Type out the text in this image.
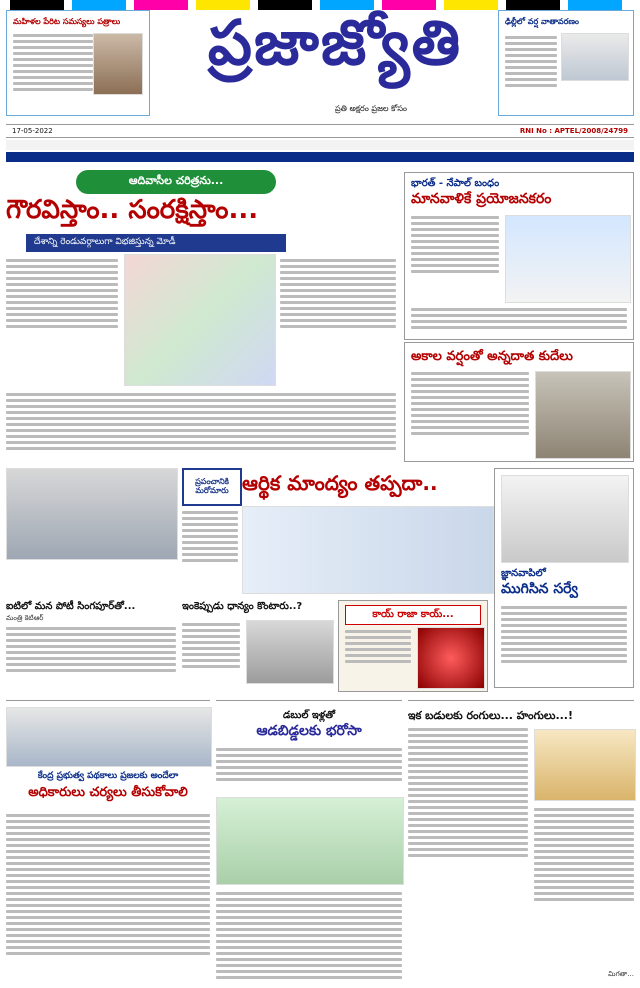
మహిళల పేరిట సమస్యలు పత్రాలు	ప్రజాజ్యోతి
ప్రతి అక్షరం ప్రజల కోసం
ఢిల్లీలో వర్ష వాతావరణం
17-05-2022	RNI No : APTEL/2008/24799
ఆదివాసీల చరిత్రను...
గౌరవిస్తాం.. సంరక్షిస్తాం...
దేశాన్ని రెండువర్గాలుగా విభజిస్తున్న మోడీ
భారత్ - నేపాల్ బంధం
మానవాళికే ప్రయోజనకరం
అకాల వర్షంతో అన్నదాత కుదేలు
ప్రపంచానికి మరోమారు ఆర్థిక మాంద్యం తప్పదా..
జ్ఞానవాపిలో
ముగిసిన సర్వే
ఐటిలో మన పోటీ సింగపూర్‌తో...
మంత్రి కెటిఆర్
ఇంకెప్పుడు ధాన్యం కొంటారు..?
కాయ్ రాజా కాయ్...
కేంద్ర ప్రభుత్వ పథకాలు ప్రజలకు అందేలా
అధికారులు చర్యలు తీసుకోవాలి
డబుల్ ఇళ్లతో
ఆడబిడ్డలకు భరోసా
ఇక బడులకు రంగులు... హంగులు...!
మిగతా...
